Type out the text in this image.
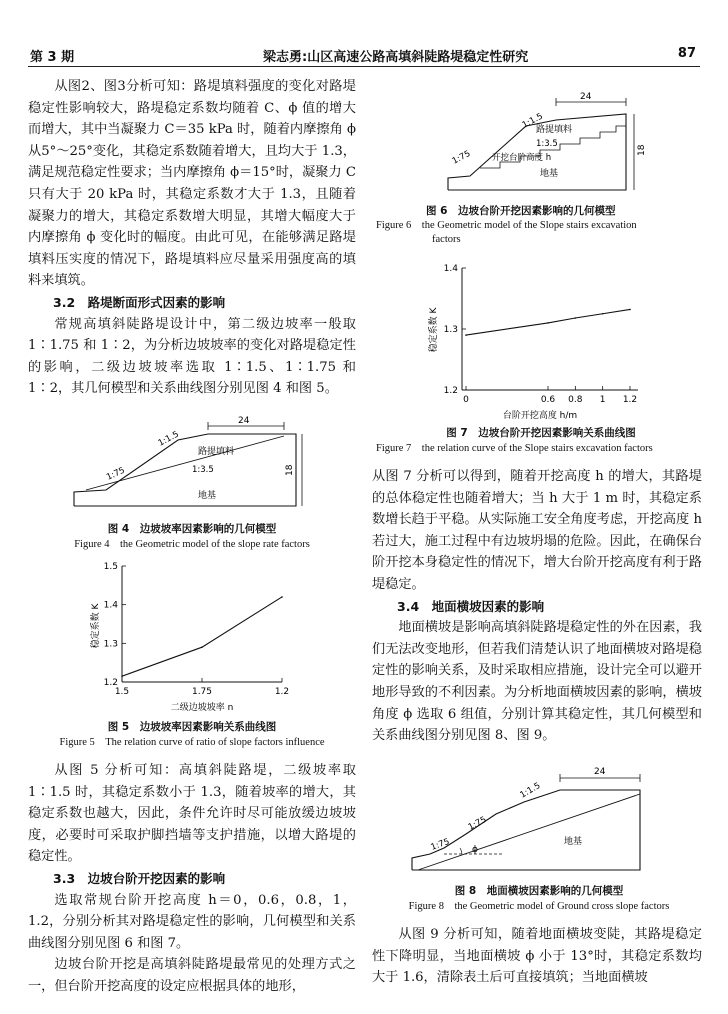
第 3 期	梁志勇:山区高速公路高填斜陡路堤稳定性研究	87

从图2、图3分析可知：路堤填料强度的变化对路堤稳定性影响较大，路堤稳定系数均随着 C、ϕ 值的增大而增大，其中当凝聚力 C＝35 kPa 时，随着内摩擦角 ϕ 从5°～25°变化，其稳定系数随着增大，且均大于 1.3，满足规范稳定性要求；当内摩擦角 ϕ＝15°时，凝聚力 C 只有大于 20 kPa 时，其稳定系数才大于 1.3，且随着凝聚力的增大，其稳定系数增大明显，其增大幅度大于内摩擦角 ϕ 变化时的幅度。由此可见，在能够满足路堤填料压实度的情况下，路堤填料应尽量采用强度高的填料来填筑。

3.2　路堤断面形式因素的影响

常规高填斜陡路堤设计中，第二级边坡率一般取 1∶1.75 和 1∶2，为分析边坡坡率的变化对路堤稳定性的影响，二级边坡坡率选取 1∶1.5、1∶1.75 和 1∶2，其几何模型和关系曲线图分别见图 4 和图 5。

24
18
1:1.5
1:75
路提填料
1:3.5
地基
图 4　边坡坡率因素影响的几何模型
Figure 4　the Geometric model of the slope rate factors
稳定系数 K
二级边坡坡率 n
1.2
1.3
1.4
1.5
1.5	1.75	1.2
图 5　边坡坡率因素影响关系曲线图
Figure 5　The relation curve of ratio of slope factors influence

从图 5 分析可知：高填斜陡路堤，二级坡率取 1∶1.5 时，其稳定系数小于 1.3，随着坡率的增大，其稳定系数也越大，因此，条件允许时尽可能放缓边坡坡度，必要时可采取护脚挡墙等支护措施，以增大路堤的稳定性。

3.3　边坡台阶开挖因素的影响

选取常规台阶开挖高度 h＝0，0.6，0.8，1，1.2，分别分析其对路堤稳定性的影响，几何模型和关系曲线图分别见图 6 和图 7。

边坡台阶开挖是高填斜陡路堤最常见的处理方式之一，但台阶开挖高度的设定应根据具体的地形，

24
18
1:1.5
1:75
路提填料
1:3.5
开挖台阶高度 h
地基
图 6　边坡台阶开挖因素影响的几何模型
Figure 6　the Geometric model of the Slope stairs excavation
factors
稳定系数 K
台阶开挖高度 h/m
1.2
1.3
1.4
0	0.6 0.8 1 1.2
图 7　边坡台阶开挖因素影响关系曲线图
Figure 7　the relation curve of the Slope stairs excavation factors

从图 7 分析可以得到，随着开挖高度 h 的增大，其路堤的总体稳定性也随着增大；当 h 大于 1 m 时，其稳定系数增长趋于平稳。从实际施工安全角度考虑，开挖高度 h 若过大，施工过程中有边坡坍塌的危险。因此，在确保台阶开挖本身稳定性的情况下，增大台阶开挖高度有利于路堤稳定。

3.4　地面横坡因素的影响

地面横坡是影响高填斜陡路堤稳定性的外在因素，我们无法改变地形，但若我们清楚认识了地面横坡对路堤稳定性的影响关系，及时采取相应措施，设计完全可以避开地形导致的不利因素。为分析地面横坡因素的影响，横坡角度 ϕ 选取 6 组值，分别计算其稳定性，其几何模型和关系曲线图分别见图 8、图 9。

24
1:1.5
1:75
1:75 ϕ
地基
图 8　地面横坡因素影响的几何模型
Figure 8　the Geometric model of Ground cross slope factors

从图 9 分析可知，随着地面横坡变陡，其路堤稳定性下降明显，当地面横坡 ϕ 小于 13°时，其稳定系数均大于 1.6，清除表土后可直接填筑；当地面横坡
